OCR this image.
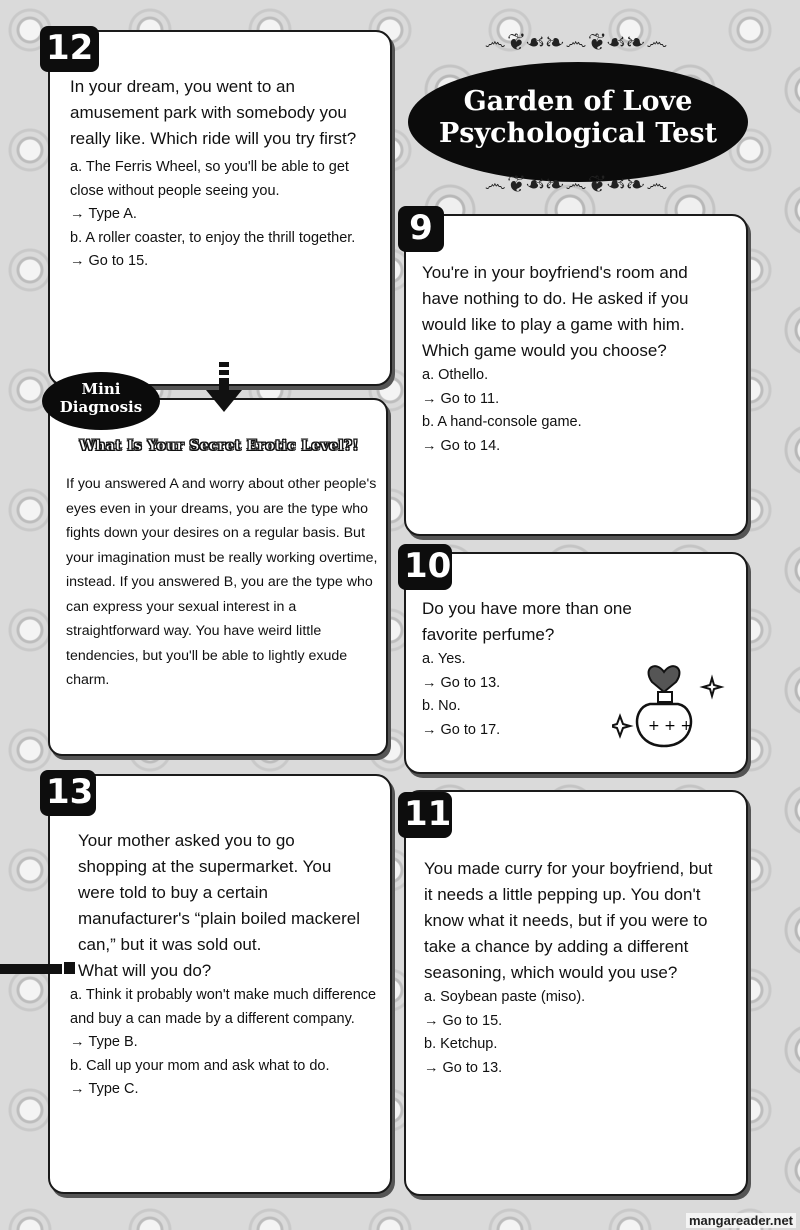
In your dream, you went to an amusement park with somebody you really like. Which ride will you try first?

a. The Ferris Wheel, so you'll be able to get close without people seeing you.

→ Type A.

b. A roller coaster, to enjoy the thrill together.

→ Go to 15.

12	෴❦☙❧෴❦☙❧෴
Garden of Love
Psychological Test
෴❦☙❧෴❦☙❧෴
What Is Your Secret Erotic Level?!

If you answered A and worry about other people's eyes even in your dreams, you are the type who fights down your desires on a regular basis. But your imagination must be really working overtime, instead. If you answered B, you are the type who can express your sexual interest in a straightforward way. You have weird little tendencies, but you'll be able to lightly exude charm.

Mini
Diagnosis

You're in your boyfriend's room and have nothing to do. He asked if you would like to play a game with him. Which game would you choose?

a. Othello.

→ Go to 11.

b. A hand-console game.

→ Go to 14.

9

Do you have more than one favorite perfume?

a. Yes.

→ Go to 13.

b. No.

→ Go to 17.	+ + +
10

Your mother asked you to go shopping at the supermarket. You were told to buy a certain manufacturer's “plain boiled mackerel can,” but it was sold out.

What will you do?

a. Think it probably won't make much difference and buy a can made by a different company.

→ Type B.

b. Call up your mom and ask what to do.

→ Type C.

13

You made curry for your boyfriend, but it needs a little pepping up. You don't know what it needs, but if you were to take a chance by adding a different seasoning, which would you use?

a. Soybean paste (miso).

→ Go to 15.

b. Ketchup.

→ Go to 13.

11
mangareader.net
